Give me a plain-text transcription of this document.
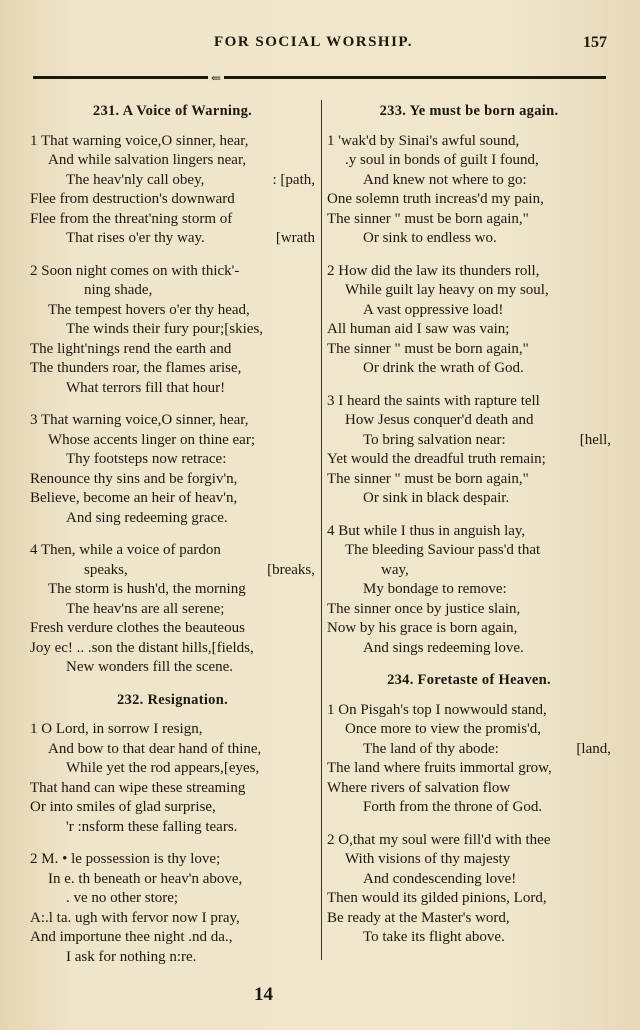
FOR SOCIAL WORSHIP.	157
⇐
231. A Voice of Warning.
1 That warning voice,O sinner, hear,
And while salvation lingers near,
The heav'nly call obey,	: [path,
Flee from destruction's downward
Flee from the threat'ning storm of
That rises o'er thy way.	[wrath
2 Soon night comes on with thick'-
ning shade,
The tempest hovers o'er thy head,
The winds their fury pour;[skies,
The light'nings rend the earth and
The thunders roar, the flames arise,
What terrors fill that hour!
3 That warning voice,O sinner, hear,
Whose accents linger on thine ear;
Thy footsteps now retrace:
Renounce thy sins and be forgiv'n,
Believe, become an heir of heav'n,
And sing redeeming grace.
4 Then, while a voice of pardon
speaks,	[breaks,
The storm is hush'd, the morning
The heav'ns are all serene;
Fresh verdure clothes the beauteous
Joy ec! .. .son the distant hills,[fields,
New wonders fill the scene.
232. Resignation.
1 O Lord, in sorrow I resign,
And bow to that dear hand of thine,
While yet the rod appears,[eyes,
That hand can wipe these streaming
Or into smiles of glad surprise,
'r :nsform these falling tears.
2 M. • le possession is thy love;
In e. th beneath or heav'n above,
. ve no other store;
A:.l ta. ugh with fervor now I pray,
And importune thee night .nd da.,
I ask for nothing n:re.
233. Ye must be born again.
1 'wak'd by Sinai's awful sound,
.y soul in bonds of guilt I found,
And knew not where to go:
One solemn truth increas'd my pain,
The sinner " must be born again,"
Or sink to endless wo.
2 How did the law its thunders roll,
While guilt lay heavy on my soul,
A vast oppressive load!
All human aid I saw was vain;
The sinner " must be born again,"
Or drink the wrath of God.
3 I heard the saints with rapture tell
How Jesus conquer'd death and
To bring salvation near:	[hell,
Yet would the dreadful truth remain;
The sinner " must be born again,"
Or sink in black despair.
4 But while I thus in anguish lay,
The bleeding Saviour pass'd that
way,
My bondage to remove:
The sinner once by justice slain,
Now by his grace is born again,
And sings redeeming love.
234. Foretaste of Heaven.
1 On Pisgah's top I nowwould stand,
Once more to view the promis'd,
The land of thy abode:	[land,
The land where fruits immortal grow,
Where rivers of salvation flow
Forth from the throne of God.
2 O,that my soul were fill'd with thee
With visions of thy majesty
And condescending love!
Then would its gilded pinions, Lord,
Be ready at the Master's word,
To take its flight above.
14
